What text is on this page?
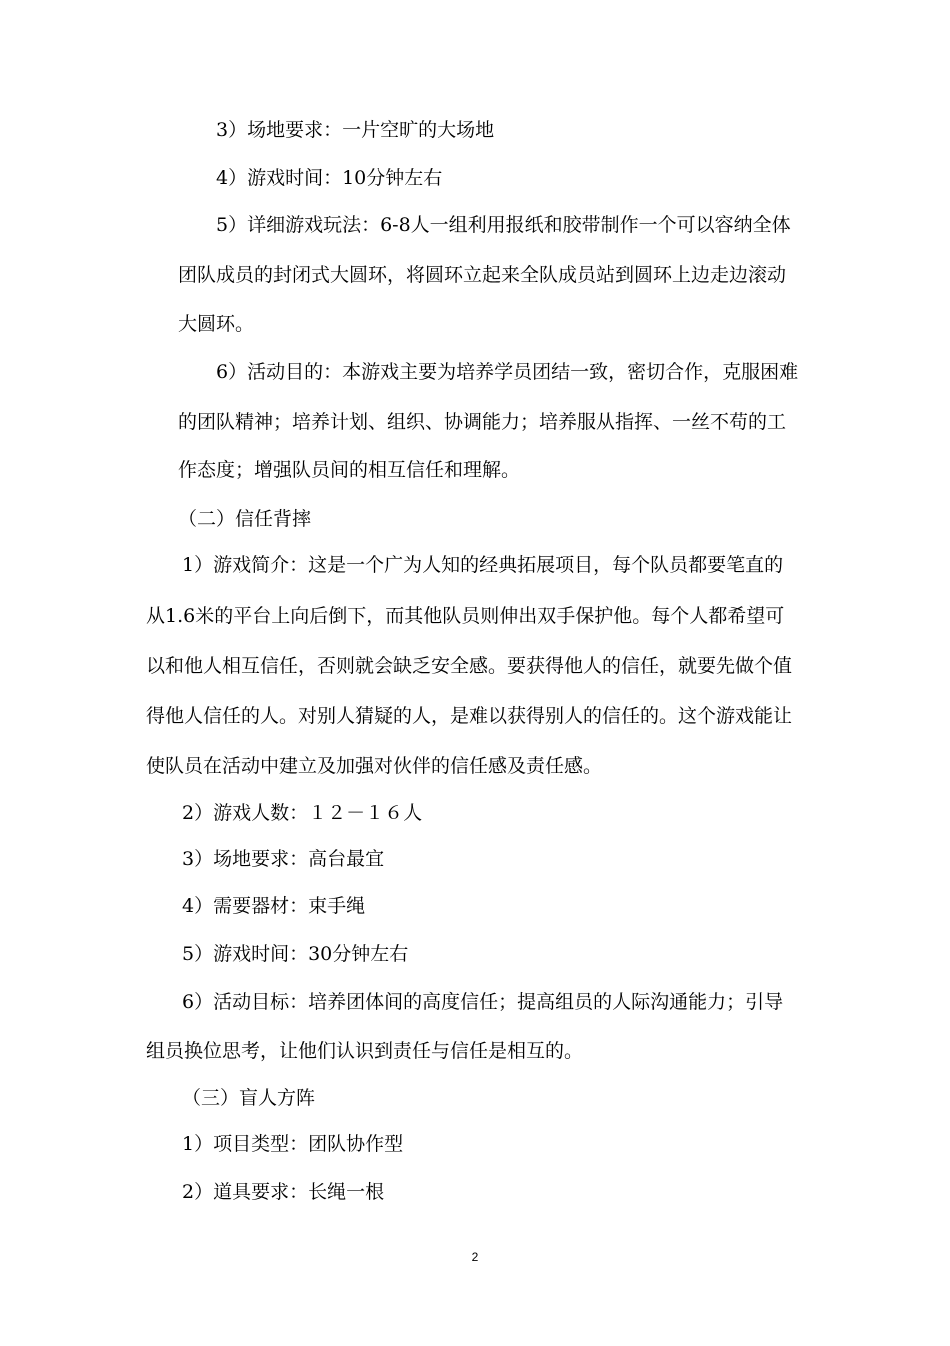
3）场地要求：一片空旷的大场地
4）游戏时间：10分钟左右
5）详细游戏玩法：6-8人一组利用报纸和胶带制作一个可以容纳全体
团队成员的封闭式大圆环，将圆环立起来全队成员站到圆环上边走边滚动
大圆环。
6）活动目的：本游戏主要为培养学员团结一致，密切合作，克服困难
的团队精神；培养计划、组织、协调能力；培养服从指挥、一丝不苟的工
作态度；增强队员间的相互信任和理解。
（二）信任背摔
1）游戏简介：这是一个广为人知的经典拓展项目，每个队员都要笔直的
从1.6米的平台上向后倒下，而其他队员则伸出双手保护他。每个人都希望可
以和他人相互信任，否则就会缺乏安全感。要获得他人的信任，就要先做个值
得他人信任的人。对别人猜疑的人，是难以获得别人的信任的。这个游戏能让
使队员在活动中建立及加强对伙伴的信任感及责任感。
2）游戏人数：１２－１６人
3）场地要求：高台最宜
4）需要器材：束手绳
5）游戏时间：30分钟左右
6）活动目标：培养团体间的高度信任；提高组员的人际沟通能力；引导
组员换位思考，让他们认识到责任与信任是相互的。
（三）盲人方阵
1）项目类型：团队协作型
2）道具要求：长绳一根
2
